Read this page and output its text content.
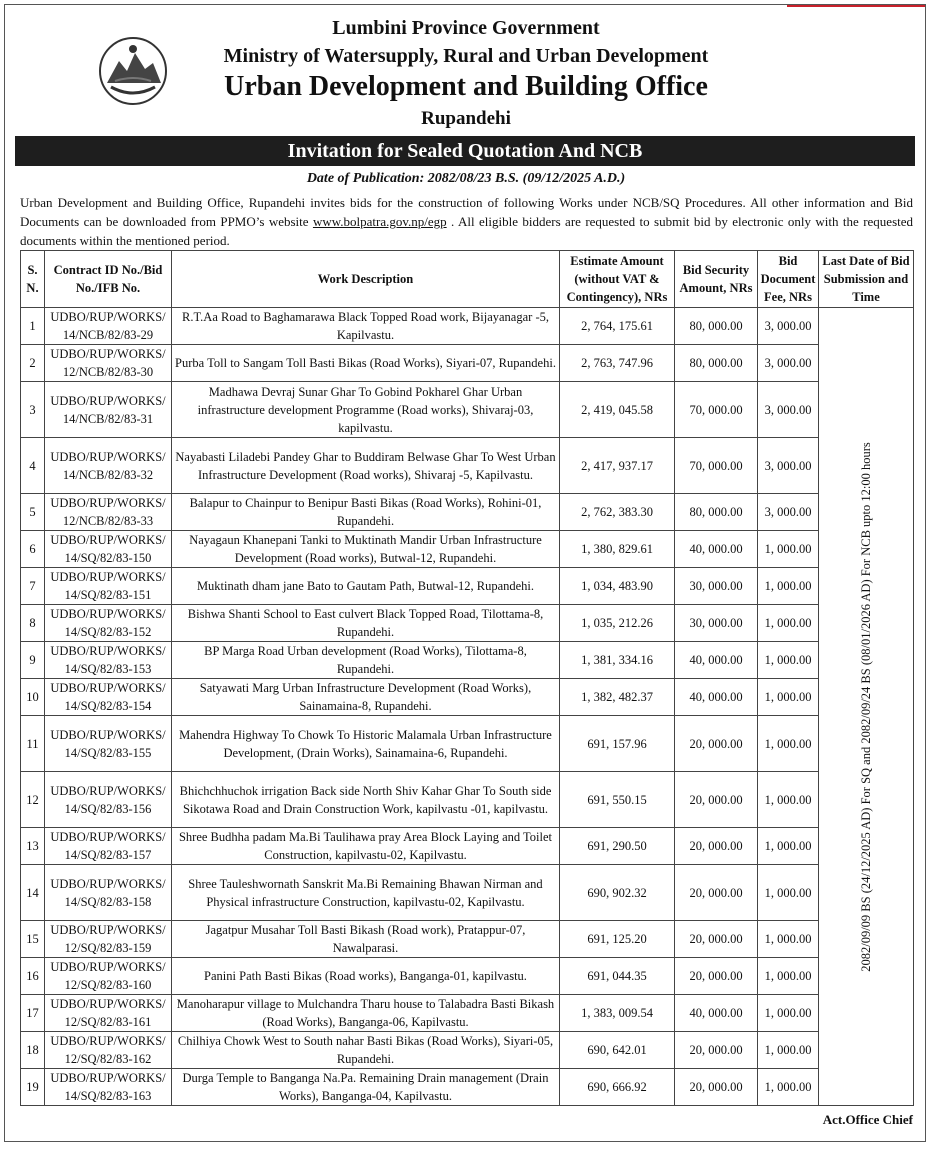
Lumbini Province Government
Ministry of Watersupply, Rural and Urban Development
Urban Development and Building Office
Rupandehi
Invitation for Sealed Quotation And NCB
Date of Publication: 2082/08/23 B.S. (09/12/2025 A.D.)
Urban Development and Building Office, Rupandehi invites bids for the construction of following Works under NCB/SQ Procedures. All other information and Bid Documents can be downloaded from PPMO’s website www.bolpatra.gov.np/egp . All eligible bidders are requested to submit bid by electronic only with the requested documents within the mentioned period.
S. N.	Contract ID No./Bid No./IFB No.	Work Description	Estimate Amount (without VAT & Contingency), NRs	Bid Security Amount, NRs	Bid Document Fee, NRs	Last Date of Bid Submission and Time
1	UDBO/RUP/WORKS/
14/NCB/82/83-29	R.T.Aa Road to Baghamarawa Black Topped Road work, Bijayanagar -5, Kapilvastu.	2, 764, 175.61	80, 000.00	3, 000.00	2082/09/09 BS (24/12/2025 AD) For SQ and 2082/09/24 BS (08/01/2026 AD) For NCB upto 12:00 hours

2	UDBO/RUP/WORKS/
12/NCB/82/83-30	Purba Toll to Sangam Toll Basti Bikas (Road Works), Siyari-07, Rupandehi.	2, 763, 747.96	80, 000.00	3, 000.00	
3	UDBO/RUP/WORKS/
14/NCB/82/83-31	Madhawa Devraj Sunar Ghar To Gobind Pokharel Ghar Urban infrastructure development Programme (Road works), Shivaraj-03, kapilvastu.	2, 419, 045.58	70, 000.00	3, 000.00	
4	UDBO/RUP/WORKS/
14/NCB/82/83-32	Nayabasti Liladebi Pandey Ghar to Buddiram Belwase Ghar To West Urban Infrastructure Development (Road works), Shivaraj -5, Kapilvastu.	2, 417, 937.17	70, 000.00	3, 000.00	
5	UDBO/RUP/WORKS/
12/NCB/82/83-33	Balapur to Chainpur to Benipur Basti Bikas (Road Works), Rohini-01, Rupandehi.	2, 762, 383.30	80, 000.00	3, 000.00	
6	UDBO/RUP/WORKS/
14/SQ/82/83-150	Nayagaun Khanepani Tanki to Muktinath Mandir Urban Infrastructure Development (Road works), Butwal-12, Rupandehi.	1, 380, 829.61	40, 000.00	1, 000.00	
7	UDBO/RUP/WORKS/
14/SQ/82/83-151	Muktinath dham jane Bato to Gautam Path, Butwal-12, Rupandehi.	1, 034, 483.90	30, 000.00	1, 000.00	
8	UDBO/RUP/WORKS/
14/SQ/82/83-152	Bishwa Shanti School to East culvert Black Topped Road, Tilottama-8, Rupandehi.	1, 035, 212.26	30, 000.00	1, 000.00	
9	UDBO/RUP/WORKS/
14/SQ/82/83-153	BP Marga Road Urban development (Road Works), Tilottama-8, Rupandehi.	1, 381, 334.16	40, 000.00	1, 000.00	
10	UDBO/RUP/WORKS/
14/SQ/82/83-154	Satyawati Marg Urban Infrastructure Development (Road Works), Sainamaina-8, Rupandehi.	1, 382, 482.37	40, 000.00	1, 000.00	
11	UDBO/RUP/WORKS/
14/SQ/82/83-155	Mahendra Highway To Chowk To Historic Malamala Urban Infrastructure Development, (Drain Works), Sainamaina-6, Rupandehi.	691, 157.96	20, 000.00	1, 000.00	
12	UDBO/RUP/WORKS/
14/SQ/82/83-156	Bhichchhuchok irrigation Back side North Shiv Kahar Ghar To South side Sikotawa Road and Drain Construction Work, kapilvastu -01, kapilvastu.	691, 550.15	20, 000.00	1, 000.00	
13	UDBO/RUP/WORKS/
14/SQ/82/83-157	Shree Budhha padam Ma.Bi Taulihawa pray Area Block Laying and Toilet Construction, kapilvastu-02, Kapilvastu.	691, 290.50	20, 000.00	1, 000.00	
14	UDBO/RUP/WORKS/
14/SQ/82/83-158	Shree Tauleshwornath Sanskrit Ma.Bi Remaining Bhawan Nirman and Physical infrastructure Construction, kapilvastu-02, Kapilvastu.	690, 902.32	20, 000.00	1, 000.00	
15	UDBO/RUP/WORKS/
12/SQ/82/83-159	Jagatpur Musahar Toll Basti Bikash (Road work), Pratappur-07, Nawalparasi.	691, 125.20	20, 000.00	1, 000.00	
16	UDBO/RUP/WORKS/
12/SQ/82/83-160	Panini Path Basti Bikas (Road works), Banganga-01, kapilvastu.	691, 044.35	20, 000.00	1, 000.00	
17	UDBO/RUP/WORKS/
12/SQ/82/83-161	Manoharapur village to Mulchandra Tharu house to Talabadra Basti Bikash (Road Works), Banganga-06, Kapilvastu.	1, 383, 009.54	40, 000.00	1, 000.00	
18	UDBO/RUP/WORKS/
12/SQ/82/83-162	Chilhiya Chowk West to South nahar Basti Bikas (Road Works), Siyari-05, Rupandehi.	690, 642.01	20, 000.00	1, 000.00	
19	UDBO/RUP/WORKS/
14/SQ/82/83-163	Durga Temple to Banganga Na.Pa. Remaining Drain management (Drain Works), Banganga-04, Kapilvastu.	690, 666.92	20, 000.00	1, 000.00	
Act.Office Chief
